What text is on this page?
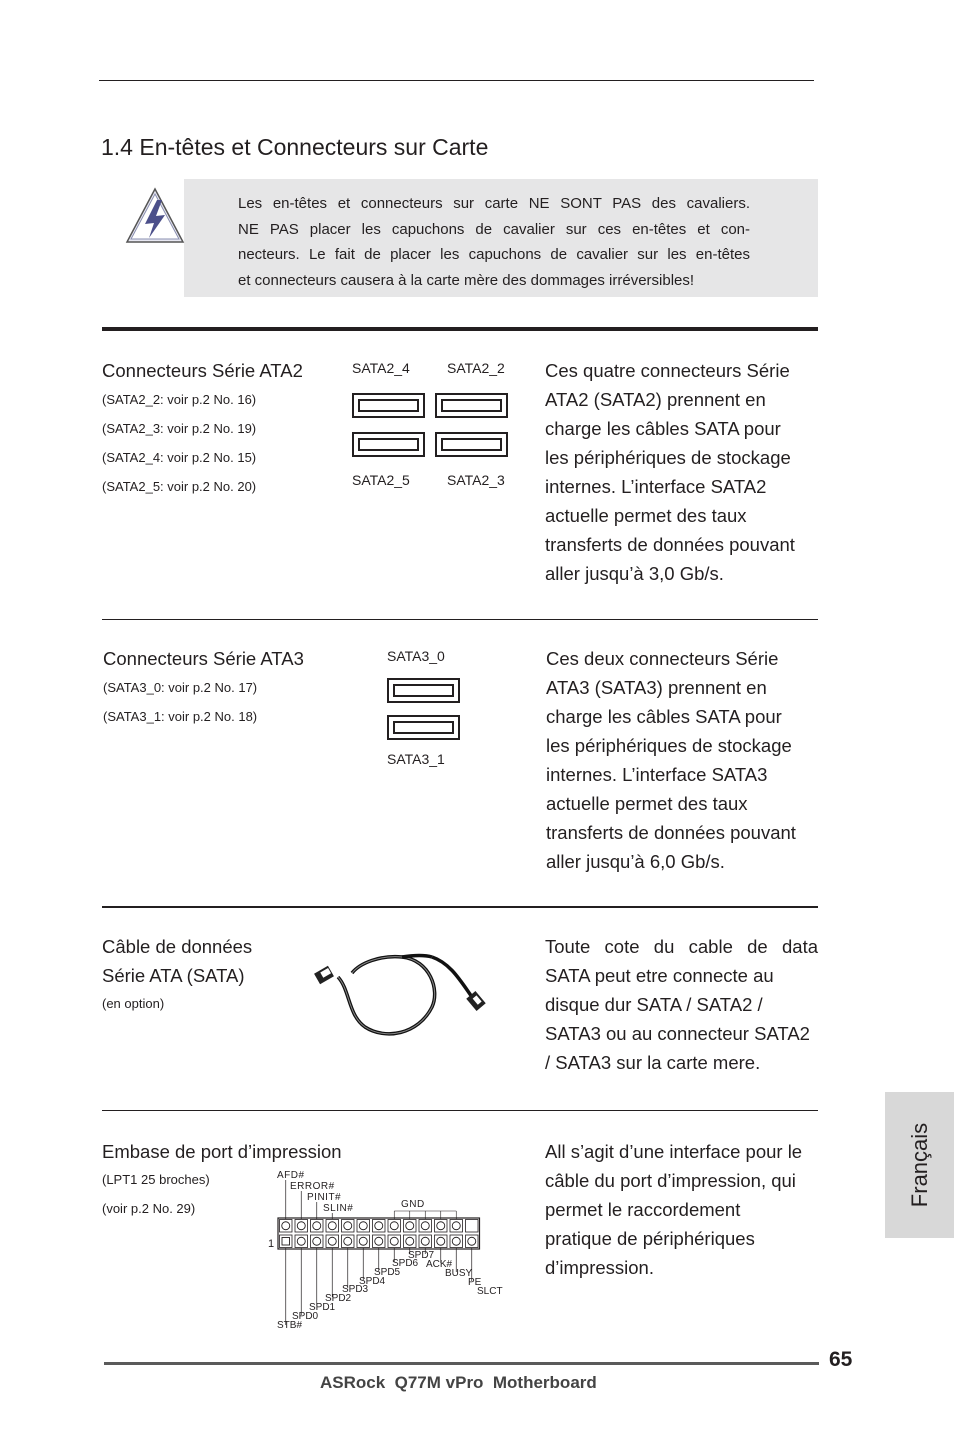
1.4 En-têtes et Connecteurs sur Carte
Les en-têtes et connecteurs sur carte NE SONT PAS des cavaliers.
NE PAS placer les capuchons de cavalier sur ces en-têtes et con-
necteurs. Le fait de placer les capuchons de cavalier sur les en-têtes
et connecteurs causera à la carte mère des dommages irréversibles!
Connecteurs Série ATA2
(SATA2_2: voir p.2 No. 16)
(SATA2_3: voir p.2 No. 19)
(SATA2_4: voir p.2 No. 15)
(SATA2_5: voir p.2 No. 20)
SATA2_4	SATA2_2
SATA2_5	SATA2_3
Ces quatre connecteurs Série
ATA2 (SATA2) prennent en
charge les câbles SATA pour
les périphériques de stockage
internes. L’interface SATA2
actuelle permet des taux
transferts de données pouvant
aller jusqu’à 3,0 Gb/s.
Connecteurs Série ATA3
(SATA3_0: voir p.2 No. 17)
(SATA3_1: voir p.2 No. 18)
SATA3_0
SATA3_1
Ces deux connecteurs Série
ATA3 (SATA3) prennent en
charge les câbles SATA pour
les périphériques de stockage
internes. L’interface SATA3
actuelle permet des taux
transferts de données pouvant
aller jusqu’à 6,0 Gb/s.
Câble de données
Série ATA (SATA)
(en option)
Toute cote du cable de data
SATA peut etre connecte au
disque dur SATA / SATA2 /
SATA3 ou au connecteur SATA2
/ SATA3 sur la carte mere.
Embase de port d’impression
(LPT1 25 broches)
(voir p.2 No. 29)
1
AFD#
ERROR#
PINIT#
SLIN#	GND
SPD7
SPD6 ACK#
SPD5	BUSY
SPD4	PE
SPD3	SLCT
SPD2
SPD1
SPD0
STB#
All s’agit d’une interface pour le
câble du port d’impression, qui
permet le raccordement
pratique de périphériques
d’impression.
Français
65
ASRock  Q77M vPro  Motherboard
